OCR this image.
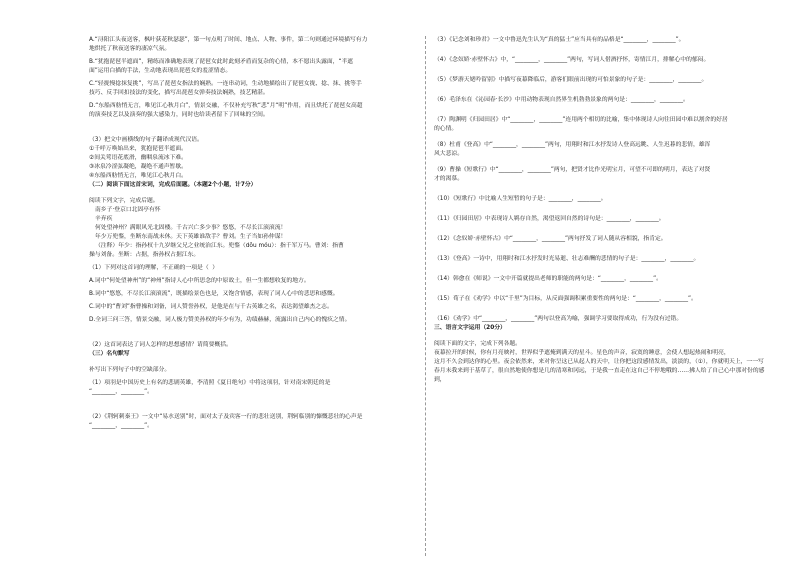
A.“浔阳江头夜送客，枫叶荻花秋瑟瑟”，第一句点明了时间、地点、人物、事件，第二句则通过环境描写有力

地烘托了秋夜送客的凄凉气氛。

B.“犹抱琵琶半遮面”，精练而准确地表现了琵琶女此时此刻矛盾而复杂的心情，本不愿出头露面，“半遮

面”运用白描的手法，生动地表现出琵琶女的羞涩情态。

C.“轻拢慢捻抹复挑”，写出了琵琶女指法的娴熟。一连串动词，生动地描绘出了琵琶女拢、捻、抹、挑等手

技巧、反手回扣技法的变化，描写出琵琶女弹奏技法娴熟，技艺精湛。

D.“东船西舫悄无言，唯见江心秋月白”，情景交融，不仅补充写秋“悲”月“明”作用，而且烘托了琵琶女高超

的演奏技艺以及演奏的强大感染力，同时也给读者留下了回味的空间。

（3）把文中画横线的句子翻译成现代汉语。

①千呼万唤始出来，犹抱琵琶半遮面。

②间关莺语花底滑，幽咽泉流冰下难。

③冰泉冷涩弦凝绝，凝绝不通声暂歇。

④东船西舫悄无言，唯见江心秋月白。

（二）阅读下面这首宋词，完成后面题。（本题2个小题，计7分）

阅读下列文字，完成后题。

南乡子·登京口北固亭有怀

辛弃疾

何处望神州？满眼风光北固楼。千古兴亡多少事？悠悠，不尽长江滚滚流！

年少万兜鍪，坐断东南战未休。天下英雄谁敌手？曹刘。生子当如孙仲谋！

（注释）年少：指孙权十九岁继父兄之业统治江东。兜鍪（dōu móu）：指千军万马。曹刘：指曹

操与刘备。坐断：占据，指孙权占据江东。

（1）下列对这首词的理解，不正确的一项是（  ）

A.词中“何处望神州”的“神州”指诗人心中所思念的中原故土，但一生都想收复的地方。

B.词中“悠悠，不尽长江滚滚流”，既描绘景色也是，又饱含情感，表现了词人心中的悲思和感慨。

C.词中的“曹刘”指曹操和刘备，词人赞誉孙权，是他是在与千古英雄之名，表达渴望雄杰之志。

D.全词三问三答，情景交融，词人极力赞美孙权的年少有为，功绩赫赫，流露出自己内心的愧疚之情。

（2）这首词表达了词人怎样的思想感情？请简要概括。

（三）名句默写

补写出下列句子中的空缺部分。

（1）项羽是中国历史上有名的悲剧英雄，李清照《夏日绝句》中将这项羽，针对南宋朝廷的是

“________，________”。

（2）《荆轲刺秦王》一文中“易水送别”时，面对太子及宾客一行的悲壮送别，荆轲临别的慷慨悲壮的心声是

“________，________”。

（3）《记念刘和珍君》一文中鲁迅先生认为“真的猛士”应当具有的品格是“________，________”。

（4）《念奴娇·赤壁怀古》中，“________，________”两句，写词人借酒抒怀，寄情江月，排解心中的郁闷。

（5）《梦游天姥吟留别》中描写夜幕降临后，游客们眼前出现的可怕景象的句子是：________，________。

（6）毛泽东在《沁园春·长沙》中用动物表现自然界生机勃勃景象的两句是：________，________。

（7）陶渊明《归园田居》中“________，________”连用两个相切的比喻，集中体现诗人向往田园中难以割舍的好居

的心情。

（8）杜甫《登高》中“________，________”两句，用翔时和江水抒发诗人登高远眺、人生迟暮的悲情，雄浑

风大悲凉。

（9）曹操《短歌行》中“________，________”两句，把贤才比作光明宝月，可望不可即的明月，表达了对贤

才的渴慕。

（10）《短歌行》中比喻人生短暂的句子是：________，________。

（11）《归园田居》中表现诗人羁存自然，渴望返回自然的诗句是：________，________。

（12）《念奴娇·赤壁怀古》中“________，________”两句抒发了词人随从容相貌，指肯定。

（13）《登高》一诗中，用翔时和江水抒发时光易逝、壮志难酬的悲情的句子是：________，________。

（14）韩愈在《师说》一文中开篇就提出老师的职能的两句是：“________，________”。

（15）荀子在《劝学》中以“千里”为目标，从反面强调积累重要性的两句是：“________，________”。

（16）《劝学》中“________，________”两句以登高为喻，强调学习要取得成功，行为没有过错。

三、语言文字运用（20分）

阅读下面的文字，完成下列各题。

夜幕拉开的时候，你有月亮映衬，世界似乎遮掩到满天的星斗。星色的声音，寂寞的睡意，会使人想起热闹和明亮，

这月不久会到达你的心里。夜会依然来，来对你呈这已从起人的天中，让你把这段感情发出，淡淡的，（①），你就明天上，一一写

春月末我来到于基草了，很自然地使你想是几的清寒和冈远，于是我一直走在这自己不停地哦的……拂人给了自己心中那对份的感到，
